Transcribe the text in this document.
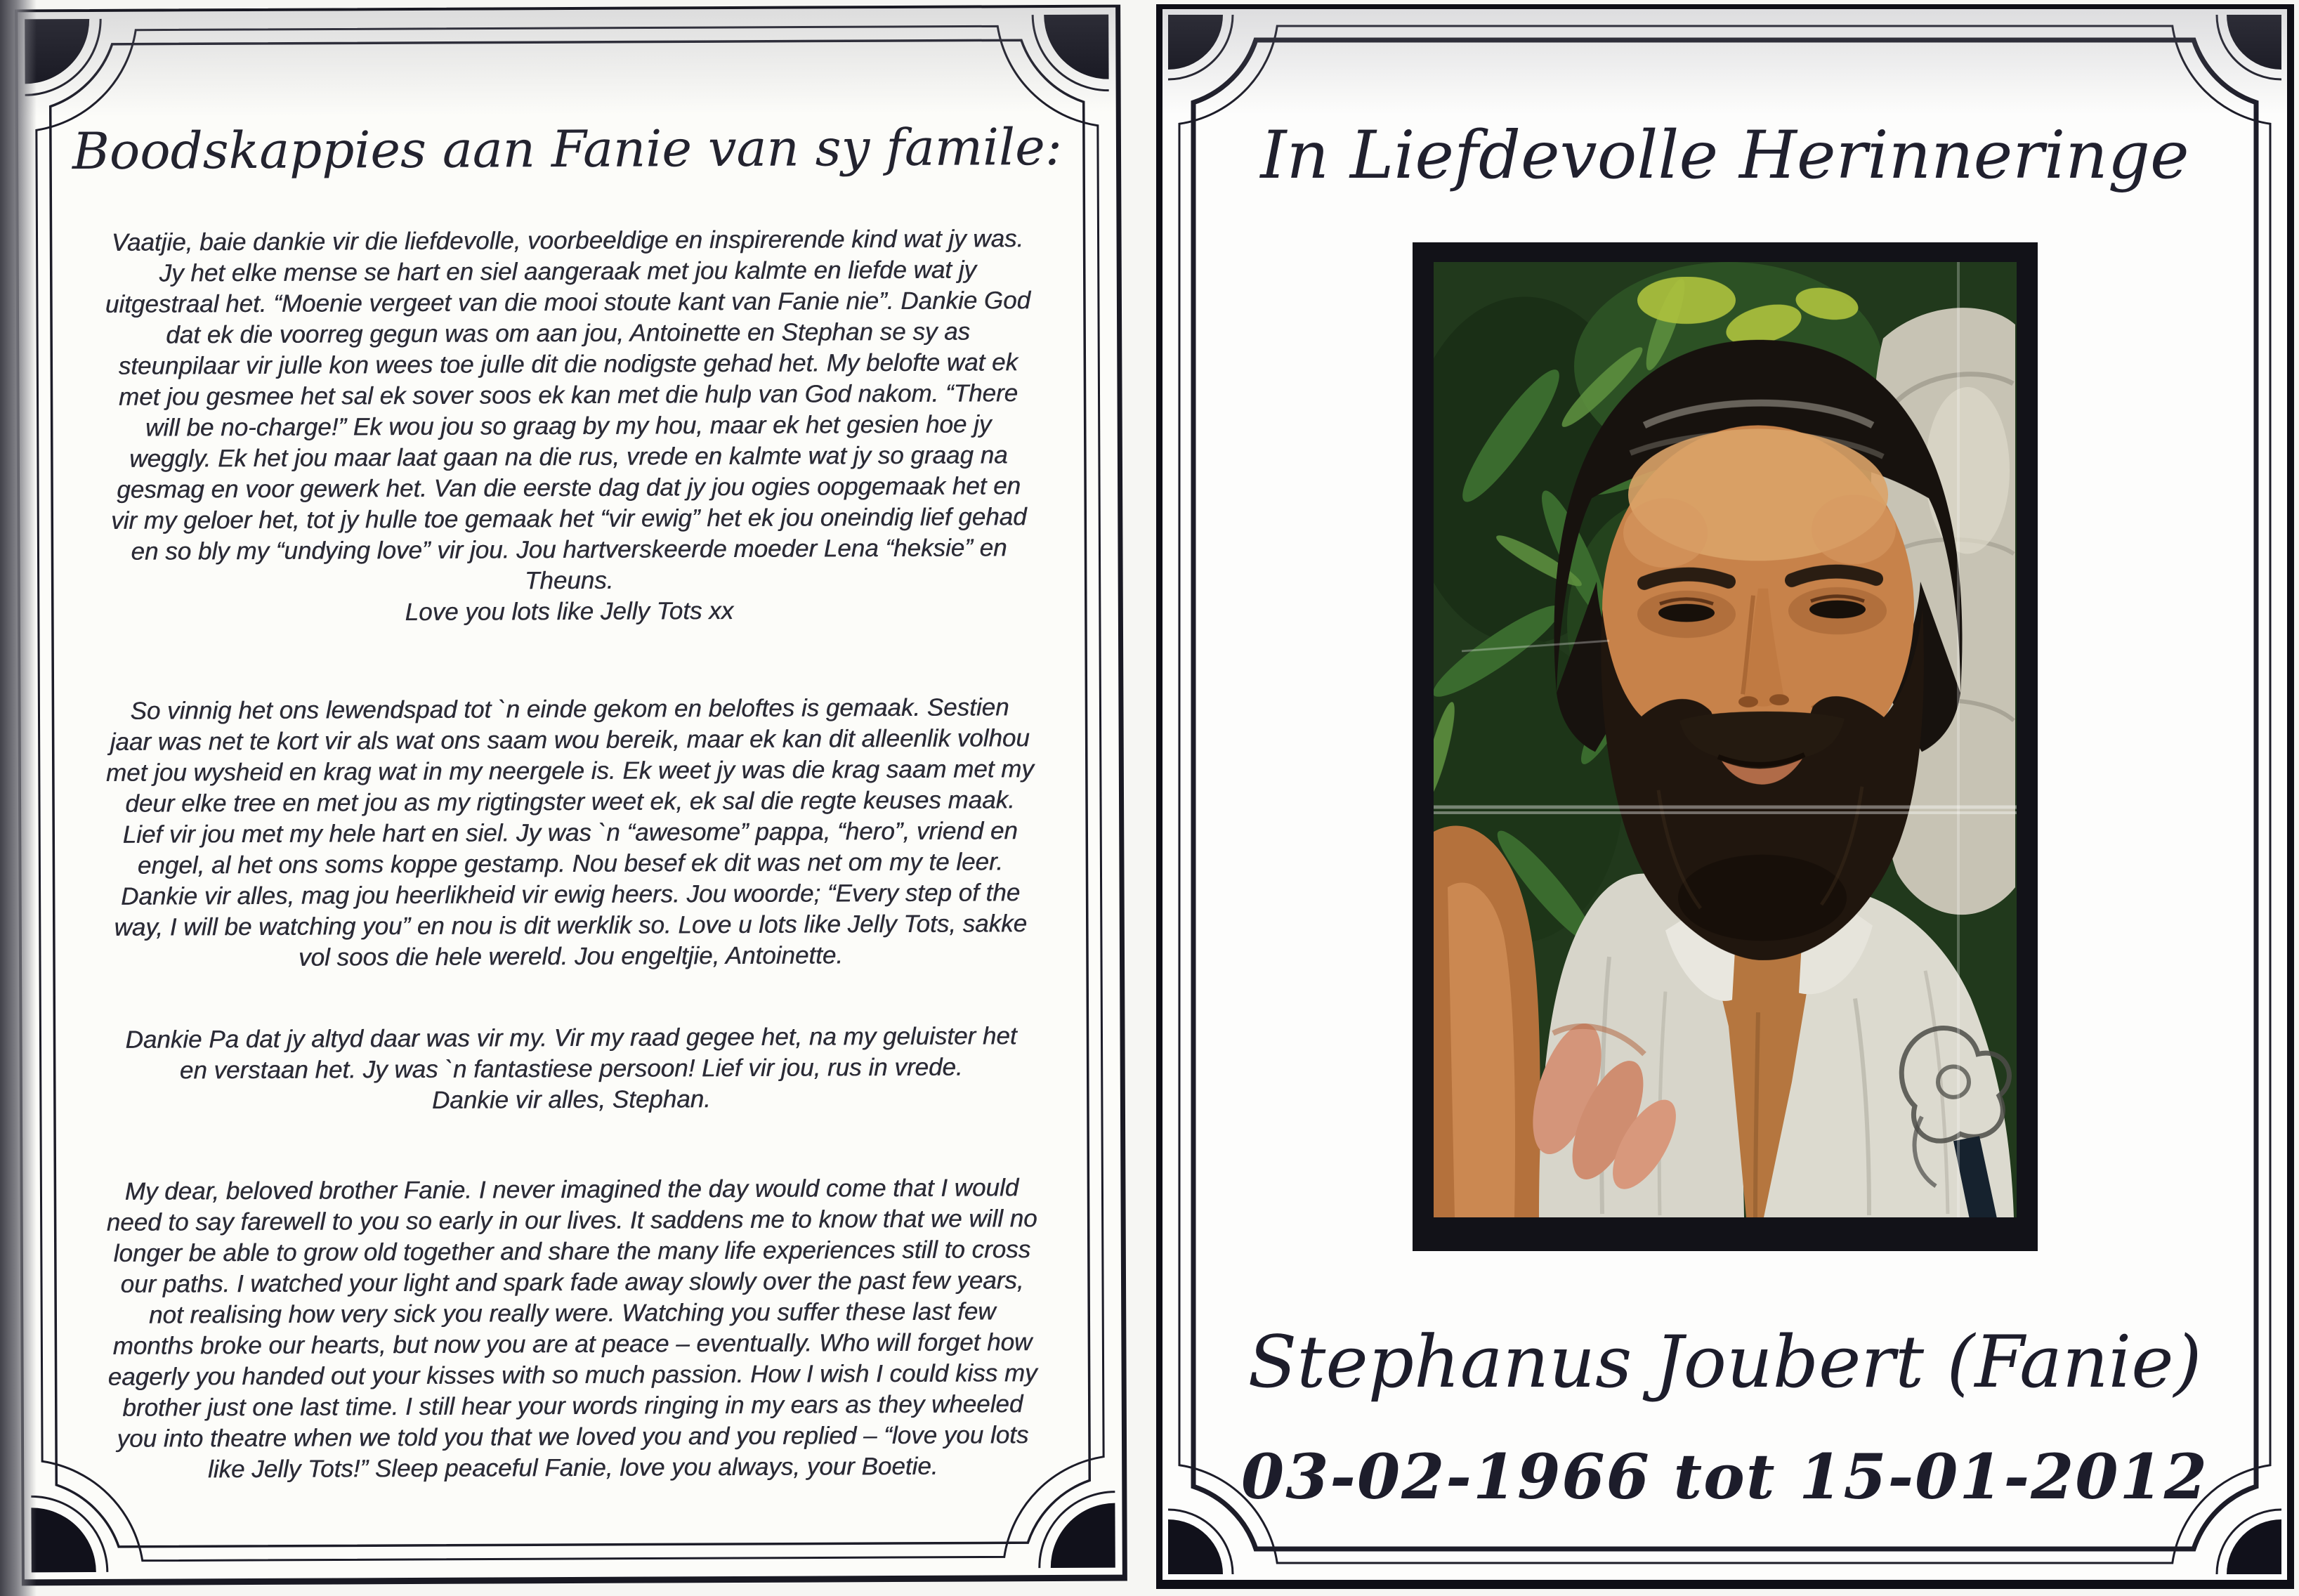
Boodskappies aan Fanie van sy famile:
Vaatjie, baie dankie vir die liefdevolle, voorbeeldige en inspirerende kind wat jy was.
Jy het elke mense se hart en siel aangeraak met jou kalmte en liefde wat jy
uitgestraal het. “Moenie vergeet van die mooi stoute kant van Fanie nie”. Dankie God
dat ek die voorreg gegun was om aan jou, Antoinette en Stephan se sy as
steunpilaar vir julle kon wees toe julle dit die nodigste gehad het. My belofte wat ek
met jou gesmee het sal ek sover soos ek kan met die hulp van God nakom. “There
will be no-charge!” Ek wou jou so graag by my hou, maar ek het gesien hoe jy
weggly. Ek het jou maar laat gaan na die rus, vrede en kalmte wat jy so graag na
gesmag en voor gewerk het. Van die eerste dag dat jy jou ogies oopgemaak het en
vir my geloer het, tot jy hulle toe gemaak het “vir ewig” het ek jou oneindig lief gehad
en so bly my “undying love” vir jou. Jou hartverskeerde moeder Lena “heksie” en
Theuns.
Love you lots like Jelly Tots xx
So vinnig het ons lewendspad tot `n einde gekom en beloftes is gemaak. Sestien
jaar was net te kort vir als wat ons saam wou bereik, maar ek kan dit alleenlik volhou
met jou wysheid en krag wat in my neergele is. Ek weet jy was die krag saam met my
deur elke tree en met jou as my rigtingster weet ek, ek sal die regte keuses maak.
Lief vir jou met my hele hart en siel. Jy was `n “awesome” pappa, “hero”, vriend en
engel, al het ons soms koppe gestamp. Nou besef ek dit was net om my te leer.
Dankie vir alles, mag jou heerlikheid vir ewig heers. Jou woorde; “Every step of the
way, I will be watching you” en nou is dit werklik so. Love u lots like Jelly Tots, sakke
vol soos die hele wereld. Jou engeltjie, Antoinette.
Dankie Pa dat jy altyd daar was vir my. Vir my raad gegee het, na my geluister het
en verstaan het. Jy was `n fantastiese persoon! Lief vir jou, rus in vrede.
Dankie vir alles, Stephan.
My dear, beloved brother Fanie. I never imagined the day would come that I would
need to say farewell to you so early in our lives. It saddens me to know that we will no
longer be able to grow old together and share the many life experiences still to cross
our paths. I watched your light and spark fade away slowly over the past few years,
not realising how very sick you really were. Watching you suffer these last few
months broke our hearts, but now you are at peace – eventually. Who will forget how
eagerly you handed out your kisses with so much passion. How I wish I could kiss my
brother just one last time. I still hear your words ringing in my ears as they wheeled
you into theatre when we told you that we loved you and you replied – “love you lots
like Jelly Tots!” Sleep peaceful Fanie, love you always, your Boetie.
In Liefdevolle Herinneringe
Stephanus Joubert (Fanie)
03-02-1966 tot 15-01-2012
